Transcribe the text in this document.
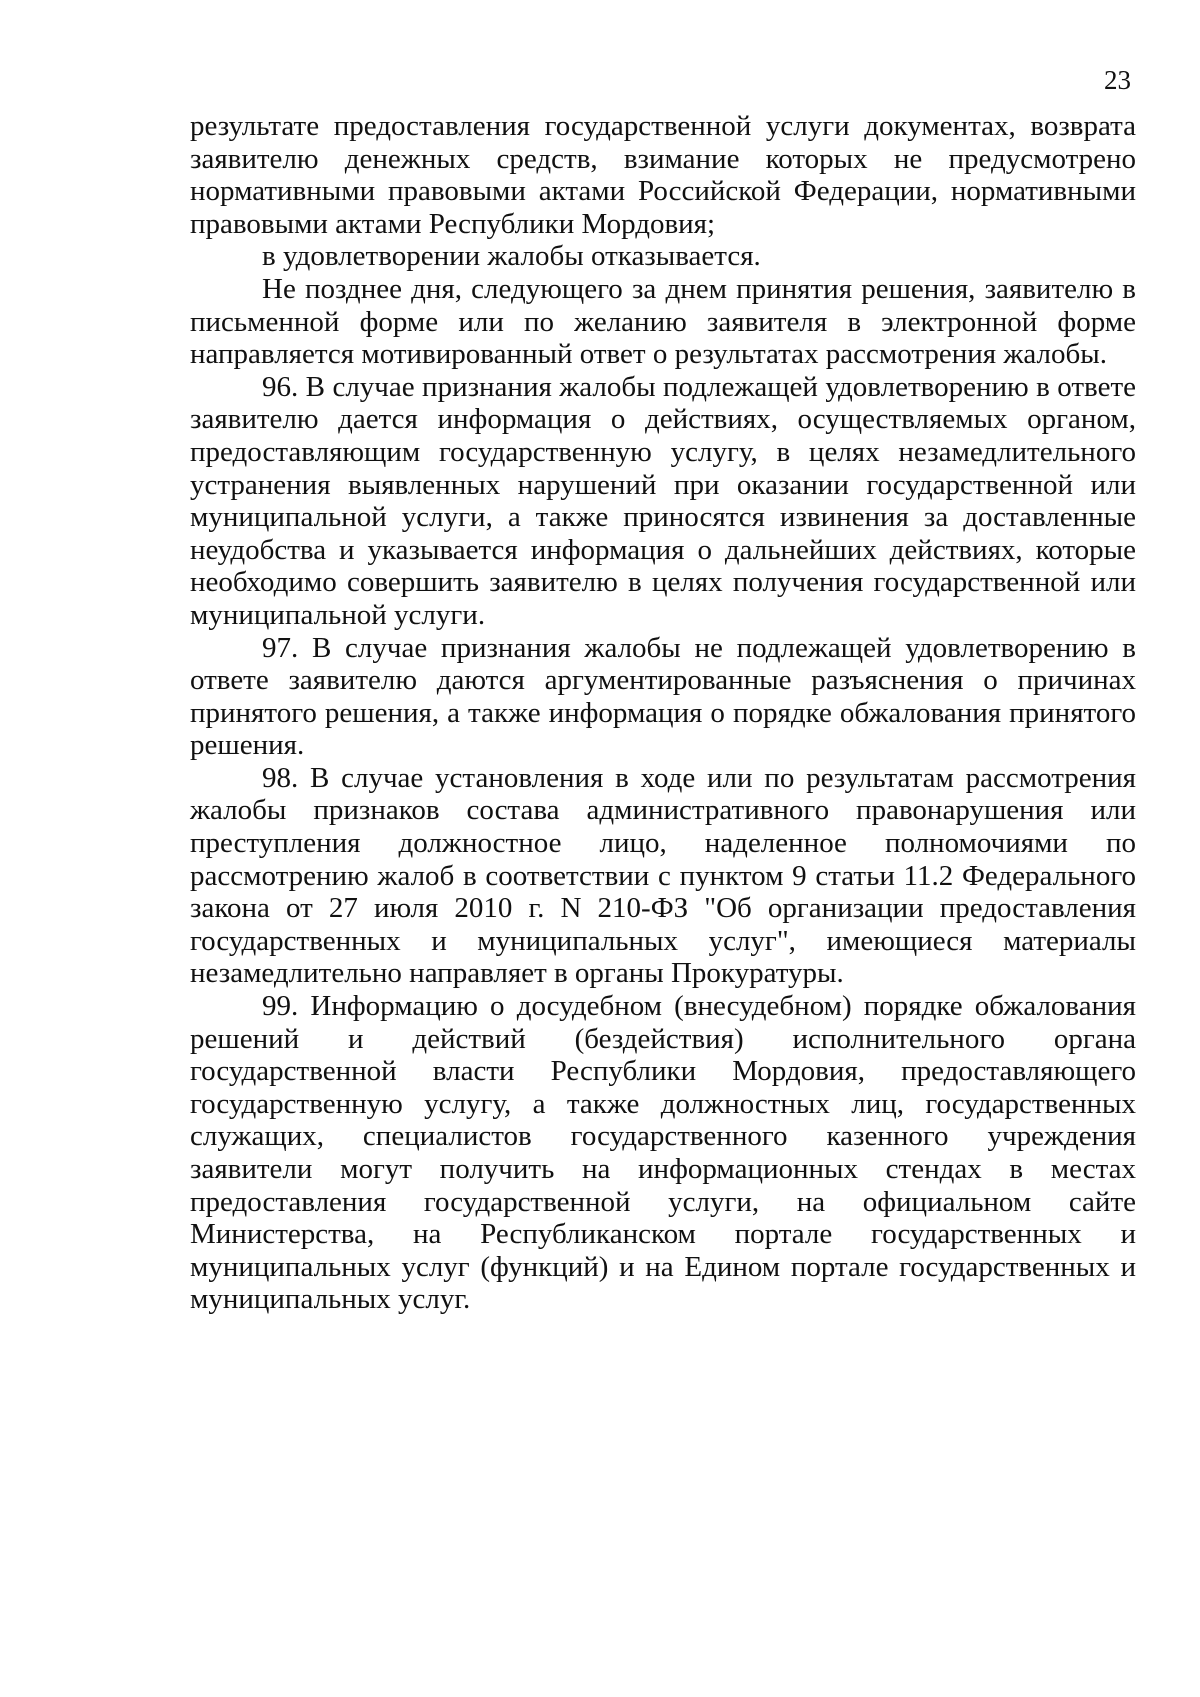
23

результате предоставления государственной услуги документах, возврата заявителю денежных средств, взимание которых не предусмотрено нормативными правовыми актами Российской Федерации, нормативными правовыми актами Республики Мордовия;

в удовлетворении жалобы отказывается.

Не позднее дня, следующего за днем принятия решения, заявителю в письменной форме или по желанию заявителя в электронной форме направляется мотивированный ответ о результатах рассмотрения жалобы.

96. В случае признания жалобы подлежащей удовлетворению в ответе заявителю дается информация о действиях, осуществляемых органом, предоставляющим государственную услугу, в целях незамедлительного устранения выявленных нарушений при оказании государственной или муниципальной услуги, а также приносятся извинения за доставленные неудобства и указывается информация о дальнейших действиях, которые необходимо совершить заявителю в целях получения государственной или муниципальной услуги.

97. В случае признания жалобы не подлежащей удовлетворению в ответе заявителю даются аргументированные разъяснения о причинах принятого решения, а также информация о порядке обжалования принятого решения.

98. В случае установления в ходе или по результатам рассмотрения жалобы признаков состава административного правонарушения или преступления должностное лицо, наделенное полномочиями по рассмотрению жалоб в соответствии с пунктом 9 статьи 11.2 Федерального закона от 27 июля 2010 г. N 210-ФЗ "Об организации предоставления государственных и муниципальных услуг", имеющиеся материалы незамедлительно направляет в органы Прокуратуры.

99. Информацию о досудебном (внесудебном) порядке обжалования решений и действий (бездействия) исполнительного органа государственной власти Республики Мордовия, предоставляющего государственную услугу, а также должностных лиц, государственных служащих, специалистов государственного казенного учреждения заявители могут получить на информационных стендах в местах предоставления государственной услуги, на официальном сайте Министерства, на Республиканском портале государственных и муниципальных услуг (функций) и на Едином портале государственных и муниципальных услуг.
